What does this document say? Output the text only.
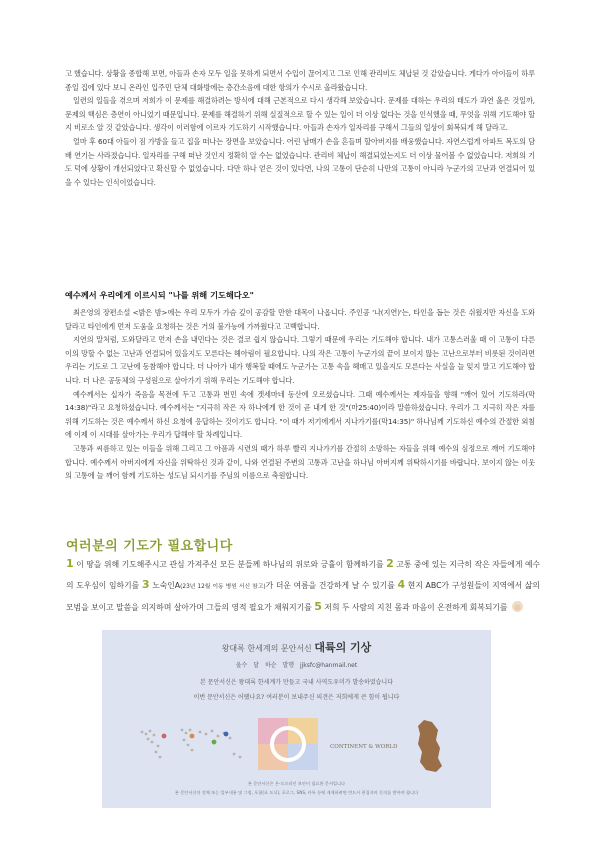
고 했습니다. 상황을 종합해 보면, 아들과 손자 모두 일을 못하게 되면서 수입이 끊어지고 그로 인해 관리비도 체납된 것 같았습니다. 게다가 아이들이 하루 종일 집에 있다 보니 온라인 입주민 단체 대화방에는 층간소음에 대한 항의가 수시로 올라왔습니다.

일련의 일들을 겪으며 저희가 이 문제를 해결하려는 방식에 대해 근본적으로 다시 생각해 보았습니다. 문제를 대하는 우리의 태도가 과연 옳은 것일까, 문제의 핵심은 층연이 아니었기 때문입니다. 문제를 해결하기 위해 실질적으로 할 수 있는 일이 더 이상 없다는 것을 인식했을 때, 무엇을 위해 기도해야 할지 비로소 알 것 같았습니다. 생각이 이러함에 이르자 기도하기 시작했습니다. 아들과 손자가 일자리를 구해서 그들의 일상이 회복되게 해 달라고.

얼마 후 60대 아들이 짐 가방을 들고 집을 떠나는 장면을 보았습니다. 어린 남매가 손을 흔들며 할아버지를 배웅했습니다. 자연스럽게 아파트 복도의 담배 연기는 사라졌습니다. 일자리를 구해 떠난 것인지 정확히 알 수는 없었습니다. 관리비 체납이 해결되었는지도 더 이상 물어볼 수 없었습니다. 저희의 기도 덕에 상황이 개선되었다고 확신할 수 없었습니다. 다만 하나 얻은 것이 있다면, 나의 고통이 단순히 나만의 고통이 아니라 누군가의 고난과 연결되어 있을 수 있다는 인식이었습니다.

예수께서 우리에게 이르시되 "나를 위해 기도해다오"

최은영의 장편소설 <밝은 밤>에는 우리 모두가 가슴 깊이 공감할 만한 대목이 나옵니다. 주인공 '나(지연)'는, 타인을 돕는 것은 쉬웠지만 자신을 도와달라고 타인에게 먼저 도움을 요청하는 것은 거의 불가능에 가까웠다고 고백합니다.

지연의 말처럼, 도와달라고 먼저 손을 내민다는 것은 결코 쉽지 않습니다. 그렇기 때문에 우리는 기도해야 합니다. 내가 고통스러울 때 이 고통이 다른 이의 망할 수 없는 고난과 연결되어 있을지도 모른다는 헤아림이 필요합니다. 나의 작은 고통이 누군가의 끝이 보이지 않는 고난으로부터 비롯된 것이라면 우리는 기도로 그 고난에 동참해야 합니다. 더 나아가 내가 행복할 때에도 누군가는 고통 속을 헤매고 있을지도 모른다는 사실을 늘 잊지 말고 기도해야 합니다. 더 나은 공동체의 구성원으로 살아가기 위해 우리는 기도해야 합니다.

예수께서는 십자가 죽음을 목전에 두고 고통과 번민 속에 겟세마네 동산에 오르셨습니다. 그때 예수께서는 제자들을 향해 "깨어 있어 기도하라(막14:38)"라고 요청하셨습니다. 예수께서는 "지극히 작은 자 하나에게 한 것이 곧 내게 한 것"(마25:40)이라 말씀하셨습니다. 우리가 그 지극히 작은 자를 위해 기도하는 것은 예수께서 하신 요청에 응답하는 것이기도 합니다. "이 때가 저기에게서 지나가기를(막14:35)" 하나님께 기도하신 예수의 간절한 외침에 이제 이 시대를 살아가는 우리가 답해야 할 차례입니다.

고통과 씨름하고 있는 이들을 위해 그리고 그 아픔과 시련의 때가 하루 빨리 지나가기를 간절히 소망하는 자들을 위해 예수의 심정으로 깨어 기도해야 합니다. 예수께서 아버지에게 자신을 위탁하신 것과 같이, 나와 연결된 주변의 고통과 고난을 하나님 아버지께 위탁하시기를 바랍니다. 보이지 않는 이웃의 고통에 늘 깨어 함께 기도하는 성도님 되시기를 주님의 이름으로 축원합니다.

여러분의 기도가 필요합니다
1 이 땅을 위해 기도해주시고 관심 가져주신 모든 분들께 하나님의 위로와 긍휼이 함께하기를 2 고통 중에 있는 지극히 작은 자들에게 예수의 도우심이 임하기를 3 노숙인A(23년 12월 이동 병원 서신 참고)가 더운 여름을 건강하게 날 수 있기를 4 현지 ABC가 구성원들이 지역에서 삶의 모범을 보이고 말씀을 의지하며 살아가며 그들의 영적 필요가 채워지기를 5 저희 두 사람의 지친 몸과 마음이 온전하게 회복되기를
왕대록 한세계의 문안서신 대륙의 기상
올수 달 하순 발행 jjksfc@hanmail.net
본 문안서신은 왕대록 한세계가 만들고 국내 사역도우미가 발송하였습니다
이번 문안서신은 어땠나요? 여러분이 보내주신 의견은 저희에게 큰 힘이 됩니다
CONTINENT & WORLD
본 문안서신은 온-오프라인 보안이 필요한 문서입니다
본 문안서신의 전체 또는 일부내용 및 그림, 포함(포 도식), 포로그, SNS, 카톡 등에 게재하려면 반드시 편집자의 동의를 받아야 합니다
